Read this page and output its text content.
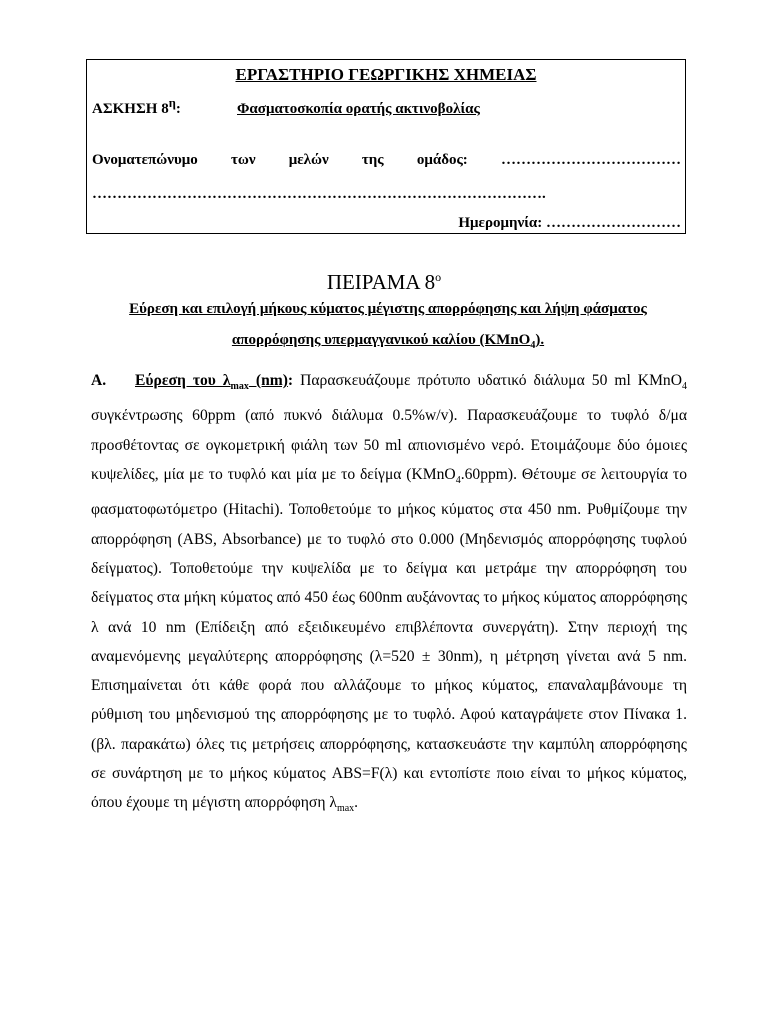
ΕΡΓΑΣΤΗΡΙΟ ΓΕΩΡΓΙΚΗΣ ΧΗΜΕΙΑΣ
ΑΣΚΗΣΗ $8^\eta$:	Φασματοσκοπία ορατής ακτινοβολίας
Ονοματεπώνυμο των μελών της ομάδος: ………………………………
……………………………………………………………………………….
Ημερομηνία: ………………………
ΠΕΙΡΑΜΑ $8^o$
Εύρεση και επιλογή μήκους κύματος μέγιστης απορρόφησης και λήψη φάσματος απορρόφησης υπερμαγγανικού καλίου (KMnO$_4$).
Α. Εύρεση του $\lambda_{max}$ (nm): Παρασκευάζουμε πρότυπο υδατικό διάλυμα 50 ml KMnO$_4$ συγκέντρωσης 60ppm (από πυκνό διάλυμα 0.5%w/v). Παρασκευάζουμε το τυφλό δ/μα προσθέτοντας σε ογκομετρική φιάλη των 50 ml απιονισμένο νερό. Ετοιμάζουμε δύο όμοιες κυψελίδες, μία με το τυφλό και μία με το δείγμα (KMnO$_4$.60ppm). Θέτουμε σε λειτουργία το φασματοφωτόμετρο (Hitachi). Τοποθετούμε το μήκος κύματος στα 450 nm. Ρυθμίζουμε την απορρόφηση (ABS, Absorbance) με το τυφλό στο 0.000 (Μηδενισμός απορρόφησης τυφλού δείγματος). Τοποθετούμε την κυψελίδα με το δείγμα και μετράμε την απορρόφηση του δείγματος στα μήκη κύματος από 450 έως 600nm αυξάνοντας το μήκος κύματος απορρόφησης λ ανά 10 nm (Επίδειξη από εξειδικευμένο επιβλέποντα συνεργάτη). Στην περιοχή της αναμενόμενης μεγαλύτερης απορρόφησης (λ=520 ± 30nm), η μέτρηση γίνεται ανά 5 nm. Επισημαίνεται ότι κάθε φορά που αλλάζουμε το μήκος κύματος, επαναλαμβάνουμε τη ρύθμιση του μηδενισμού της απορρόφησης με το τυφλό. Αφού καταγράψετε στον Πίνακα 1. (βλ. παρακάτω) όλες τις μετρήσεις απορρόφησης, κατασκευάστε την καμπύλη απορρόφησης σε συνάρτηση με το μήκος κύματος ABS=F(λ) και εντοπίστε ποιο είναι το μήκος κύματος, όπου έχουμε τη μέγιστη απορρόφηση $\lambda_{max}$.
